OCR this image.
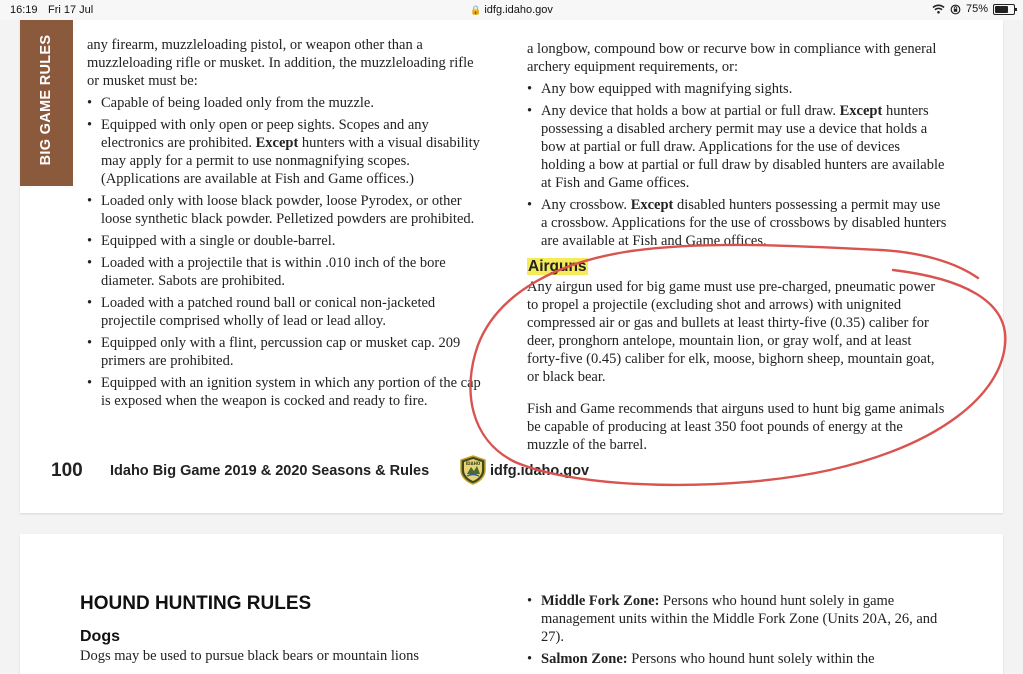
16:19 Fri 17 Jul	🔒 idfg.idaho.gov	75%
BIG GAME RULES any firearm, muzzleloading pistol, or weapon other than a muzzleloading rifle or musket. In addition, the muzzleloading rifle or musket must be:

• Capable of being loaded only from the muzzle.
• Equipped with only open or peep sights. Scopes and any electronics are prohibited. Except hunters with a visual disability may apply for a permit to use nonmagnifying scopes. (Applications are available at Fish and Game offices.)
• Loaded only with loose black powder, loose Pyrodex, or other loose synthetic black powder. Pelletized powders are prohibited.
• Equipped with a single or double-barrel.
• Loaded with a projectile that is within .010 inch of the bore diameter. Sabots are prohibited.
• Loaded with a patched round ball or conical non-jacketed projectile comprised wholly of lead or lead alloy.
• Equipped only with a flint, percussion cap or musket cap. 209 primers are prohibited.
• Equipped with an ignition system in which any portion of the cap is exposed when the weapon is cocked and ready to fire.

a longbow, compound bow or recurve bow in compliance with general archery equipment requirements, or:

• Any bow equipped with magnifying sights.
• Any device that holds a bow at partial or full draw. Except hunters possessing a disabled archery permit may use a device that holds a bow at partial or full draw. Applications for the use of devices holding a bow at partial or full draw by disabled hunters are available at Fish and Game offices.
• Any crossbow. Except disabled hunters possessing a permit may use a crossbow. Applications for the use of crossbows by disabled hunters are available at Fish and Game offices.
Airguns

Any airgun used for big game must use pre-charged, pneumatic power to propel a projectile (excluding shot and arrows) with unignited compressed air or gas and bullets at least thirty-five (0.35) caliber for deer, pronghorn antelope, mountain lion, or gray wolf, and at least forty-five (0.45) caliber for elk, moose, bighorn sheep, mountain goat, or black bear.

Fish and Game recommends that airguns used to hunt big game animals be capable of producing at least 350 foot pounds of energy at the muzzle of the barrel.

100 Idaho Big Game 2019 & 2020 Seasons & Rules	IDAHO idfg.idaho.gov
HOUND HUNTING RULES
Dogs
Dogs may be used to pursue black bears or mountain lions
• Middle Fork Zone: Persons who hound hunt solely in game management units within the Middle Fork Zone (Units 20A, 26, and 27).
• Salmon Zone: Persons who hound hunt solely within the
